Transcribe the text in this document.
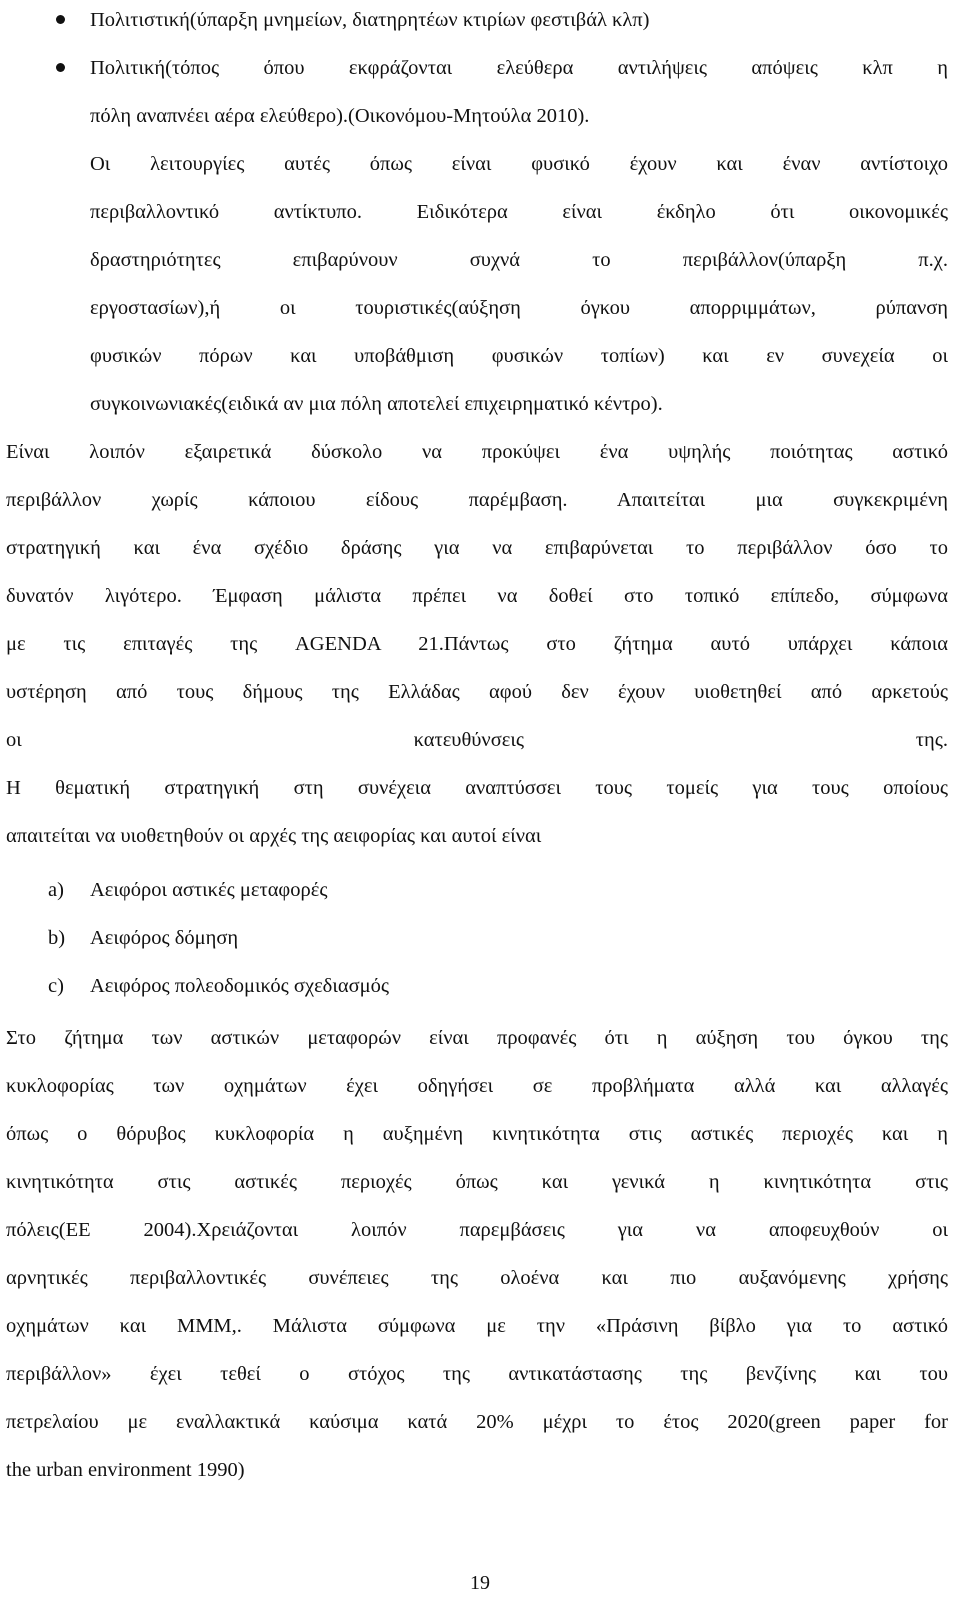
Πολιτιστική(ύπαρξη μνημείων, διατηρητέων κτιρίων φεστιβάλ κλπ)
Πολιτική(τόπος όπου εκφράζονται ελεύθερα αντιλήψεις απόψεις κλπ η
πόλη αναπνέει αέρα ελεύθερο).(Οικονόμου-Μητούλα 2010).
Οι λειτουργίες αυτές όπως είναι φυσικό έχουν και έναν αντίστοιχο
περιβαλλοντικό αντίκτυπο. Ειδικότερα είναι έκδηλο ότι οικονομικές
δραστηριότητες επιβαρύνουν συχνά το περιβάλλον(ύπαρξη π.χ.
εργοστασίων),ή οι τουριστικές(αύξηση όγκου απορριμμάτων, ρύπανση
φυσικών πόρων και υποβάθμιση φυσικών τοπίων) και εν συνεχεία οι
συγκοινωνιακές(ειδικά αν μια πόλη αποτελεί επιχειρηματικό κέντρο).
Είναι λοιπόν εξαιρετικά δύσκολο να προκύψει ένα υψηλής ποιότητας αστικό
περιβάλλον χωρίς κάποιου είδους παρέμβαση. Απαιτείται μια συγκεκριμένη
στρατηγική και ένα σχέδιο δράσης για να επιβαρύνεται το περιβάλλον όσο το
δυνατόν λιγότερο. Έμφαση μάλιστα πρέπει να δοθεί στο τοπικό επίπεδο, σύμφωνα
με τις επιταγές της AGENDA 21.Πάντως στο ζήτημα αυτό υπάρχει κάποια
υστέρηση από τους δήμους της Ελλάδας αφού δεν έχουν υιοθετηθεί από αρκετούς
οι κατευθύνσεις της.
Η θεματική στρατηγική στη συνέχεια αναπτύσσει τους τομείς για τους οποίους
απαιτείται να υιοθετηθούν οι αρχές της αειφορίας και αυτοί είναι
a)	Αειφόροι αστικές μεταφορές
b)	Αειφόρος δόμηση
c)	Αειφόρος πολεοδομικός σχεδιασμός
Στο ζήτημα των αστικών μεταφορών είναι προφανές ότι η αύξηση του όγκου της
κυκλοφορίας των οχημάτων έχει οδηγήσει σε προβλήματα αλλά και αλλαγές
όπως ο θόρυβος κυκλοφορία η αυξημένη κινητικότητα στις αστικές περιοχές και η
κινητικότητα στις αστικές περιοχές όπως και γενικά η κινητικότητα στις
πόλεις(ΕΕ 2004).Χρειάζονται λοιπόν παρεμβάσεις για να αποφευχθούν οι
αρνητικές περιβαλλοντικές συνέπειες της ολοένα και πιο αυξανόμενης χρήσης
οχημάτων και ΜΜΜ,. Μάλιστα σύμφωνα με την «Πράσινη βίβλο για το αστικό
περιβάλλον» έχει τεθεί ο στόχος της αντικατάστασης της βενζίνης και του
πετρελαίου με εναλλακτικά καύσιμα κατά 20% μέχρι το έτος 2020(green paper for
the urban environment 1990)
19
